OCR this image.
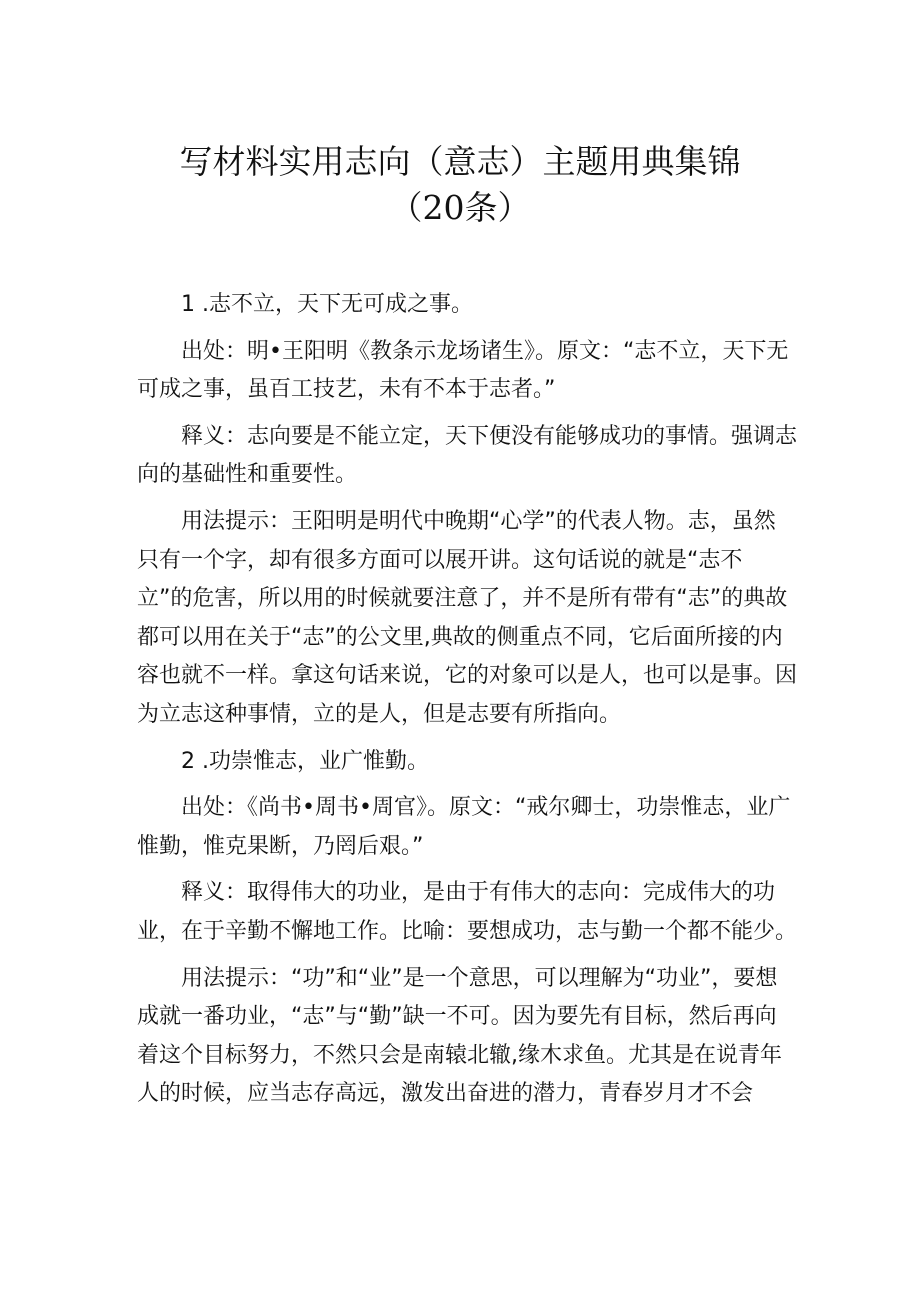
写材料实用志向（意志）主题用典集锦
（20条）

1 .志不立，天下无可成之事。

出处：明•王阳明《教条示龙场诸生》。原文：“志不立，天下无可成之事，虽百工技艺，未有不本于志者。”

释义：志向要是不能立定，天下便没有能够成功的事情。强调志向的基础性和重要性。

用法提示：王阳明是明代中晚期“心学”的代表人物。志，虽然只有一个字，却有很多方面可以展开讲。这句话说的就是“志不立”的危害，所以用的时候就要注意了，并不是所有带有“志”的典故都可以用在关于“志”的公文里,典故的侧重点不同，它后面所接的内容也就不一样。拿这句话来说，它的对象可以是人，也可以是事。因为立志这种事情，立的是人，但是志要有所指向。

2 .功崇惟志，业广惟勤。

出处：《尚书•周书•周官》。原文：“戒尔卿士，功崇惟志，业广惟勤，惟克果断，乃罔后艰。”

释义：取得伟大的功业，是由于有伟大的志向：完成伟大的功业，在于辛勤不懈地工作。比喻：要想成功，志与勤一个都不能少。

用法提示：“功”和“业”是一个意思，可以理解为“功业”，要想成就一番功业，“志”与“勤”缺一不可。因为要先有目标，然后再向着这个目标努力，不然只会是南辕北辙,缘木求鱼。尤其是在说青年人的时候，应当志存高远，激发出奋进的潜力，青春岁月才不会
